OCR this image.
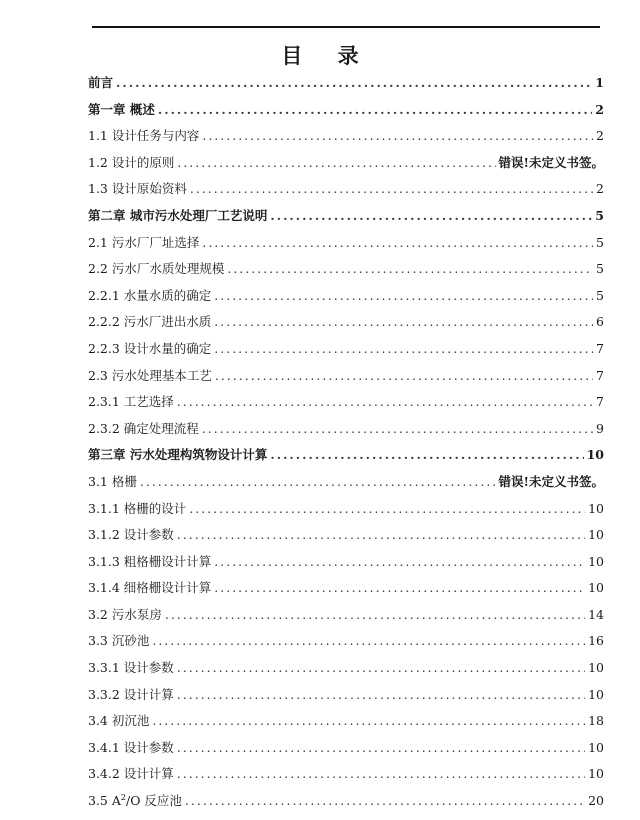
目 录
前言 .....	1
第一章 概述 .....	2
1.1 设计任务与内容 .....	2
1.2 设计的原则 .....	错误!未定义书签。
1.3 设计原始资料 .....	2
第二章 城市污水处理厂工艺说明 .....	5
2.1 污水厂厂址选择 .....	5
2.2 污水厂水质处理规模 .....	5
2.2.1 水量水质的确定 .....	5
2.2.2 污水厂进出水质 .....	6
2.2.3 设计水量的确定 .....	7
2.3 污水处理基本工艺 .....	7
2.3.1 工艺选择 .....	7
2.3.2 确定处理流程 .....	9
第三章 污水处理构筑物设计计算 .....	10
3.1 格栅 .....	错误!未定义书签。
3.1.1 格栅的设计 .....	10
3.1.2 设计参数 .....	10
3.1.3 粗格栅设计计算 .....	10
3.1.4 细格栅设计计算 .....	10
3.2 污水泵房 .....	14
3.3 沉砂池 .....	16
3.3.1 设计参数 .....	10
3.3.2 设计计算 .....	10
3.4 初沉池 .....	18
3.4.1 设计参数 .....	10
3.4.2 设计计算 .....	10
3.5 $A^2/O$ 反应池 .....	20
